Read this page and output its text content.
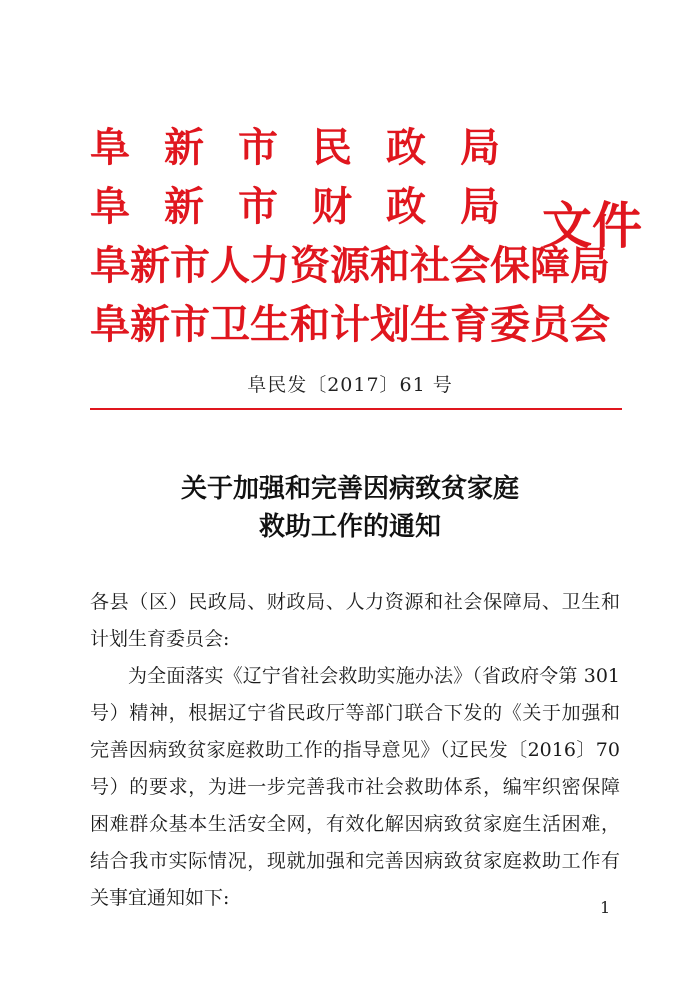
阜新市民政局
阜新市财政局
阜新市人力资源和社会保障局
阜新市卫生和计划生育委员会
文件
阜民发〔2017〕61 号
关于加强和完善因病致贫家庭
救助工作的通知

各县（区）民政局、财政局、人力资源和社会保障局、卫生和计划生育委员会:

为全面落实《辽宁省社会救助实施办法》（省政府令第 301 号）精神，根据辽宁省民政厅等部门联合下发的《关于加强和完善因病致贫家庭救助工作的指导意见》（辽民发〔2016〕70 号）的要求，为进一步完善我市社会救助体系，编牢织密保障困难群众基本生活安全网，有效化解因病致贫家庭生活困难，结合我市实际情况，现就加强和完善因病致贫家庭救助工作有关事宜通知如下:	1
